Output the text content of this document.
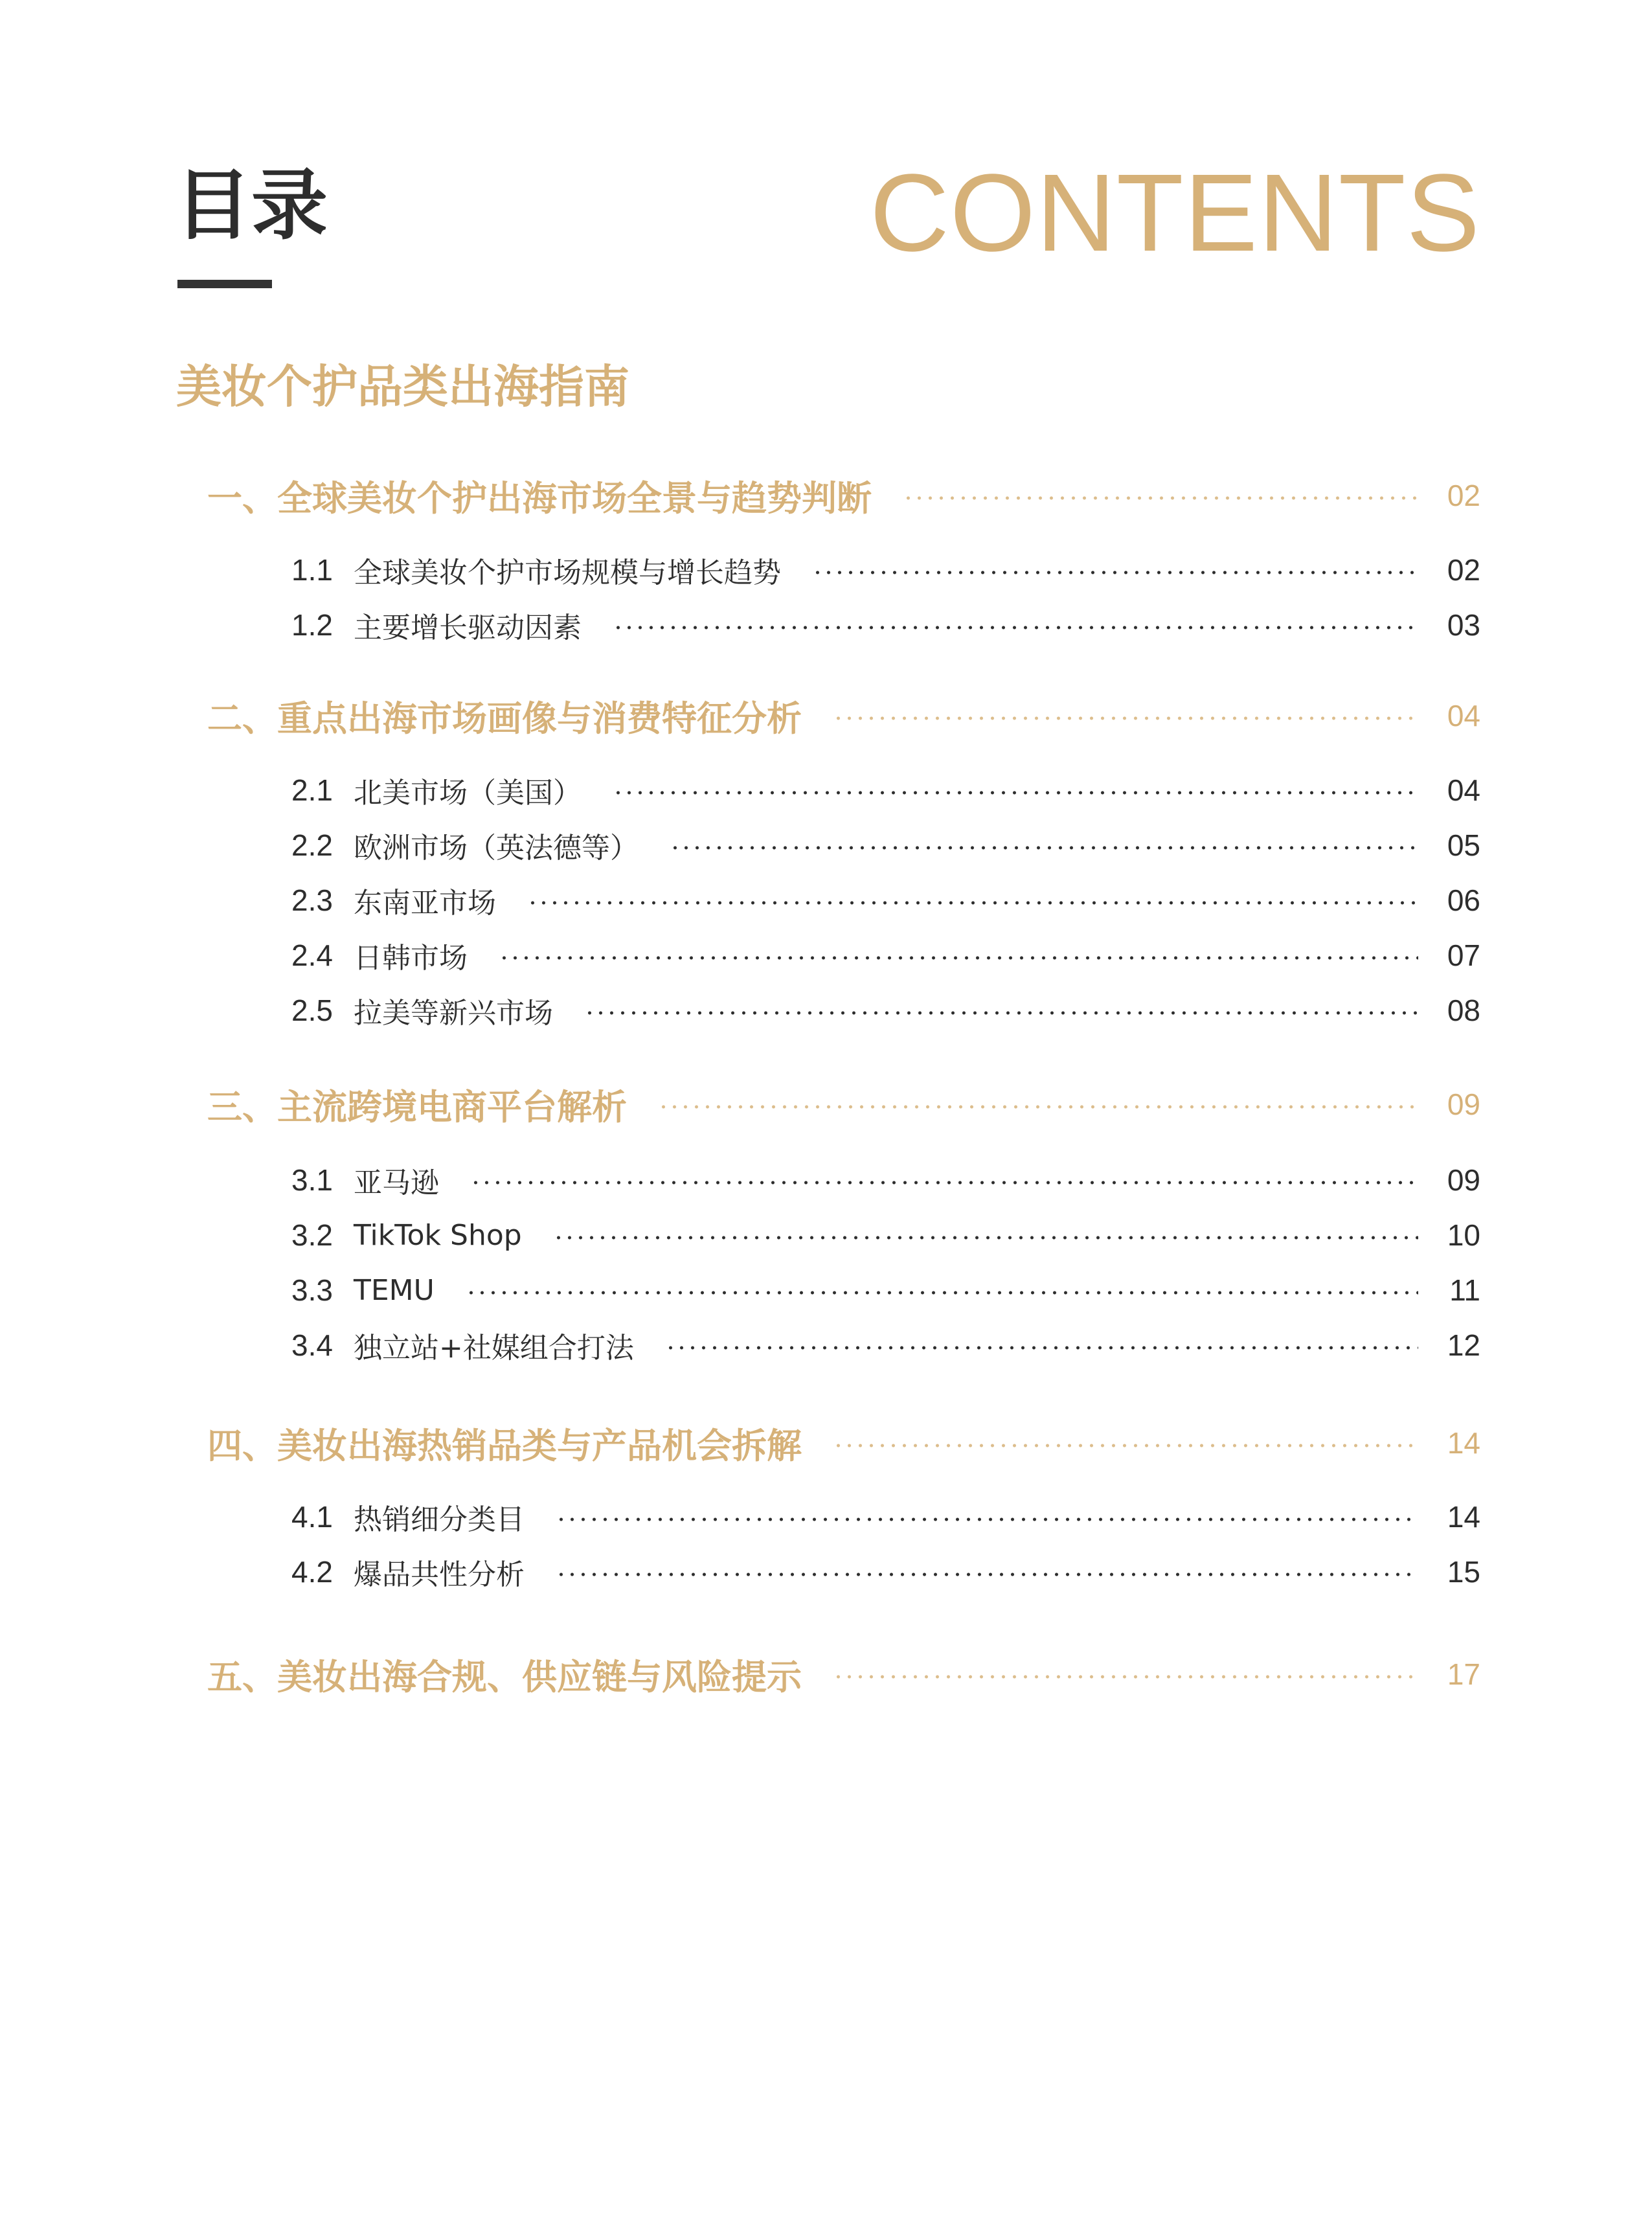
目录	CONTENTS
美妆个护品类出海指南
一、全球美妆个护出海市场全景与趋势判断	02
1.1 全球美妆个护市场规模与增长趋势	02
1.2 主要增长驱动因素	03
二、重点出海市场画像与消费特征分析	04
2.1 北美市场（美国）	04
2.2 欧洲市场（英法德等）	05
2.3 东南亚市场	06
2.4 日韩市场	07
2.5 拉美等新兴市场	08
三、主流跨境电商平台解析	09
3.1 亚马逊	09
3.2 TikTok Shop	10
3.3 TEMU	11
3.4 独立站+社媒组合打法	12
四、美妆出海热销品类与产品机会拆解	14
4.1 热销细分类目	14
4.2 爆品共性分析	15
五、美妆出海合规、供应链与风险提示	17
